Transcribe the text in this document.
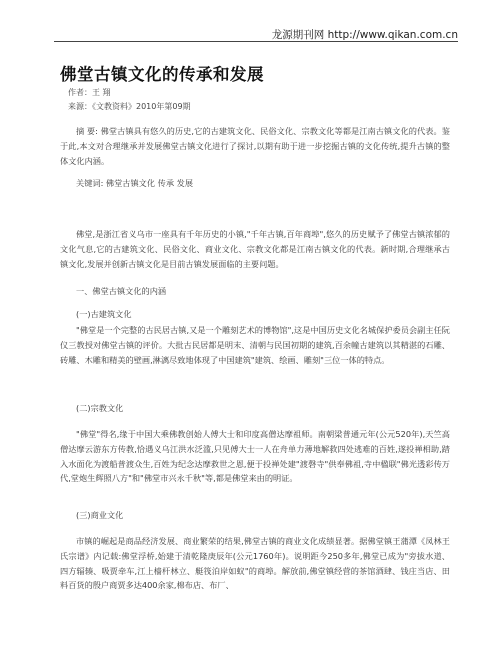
龙源期刊网 http://www.qikan.com.cn
佛堂古镇文化的传承和发展
作者：王 翔
来源：《文教资料》2010年第09期

摘 要: 佛堂古镇具有悠久的历史,它的古建筑文化、民俗文化、宗教文化等都是江南古镇文化的代表。鉴于此,本文对合理继承并发展佛堂古镇文化进行了探讨,以期有助于进一步挖掘古镇的文化传统,提升古镇的整体文化内涵。

关键词: 佛堂古镇文化 传承 发展

佛堂,是浙江省义乌市一座具有千年历史的小镇,"千年古镇,百年商埠",悠久的历史赋予了佛堂古镇浓郁的文化气息,它的古建筑文化、民俗文化、商业文化、宗教文化都是江南古镇文化的代表。新时期,合理继承古镇文化,发展并创新古镇文化是目前古镇发展面临的主要问题。

一、佛堂古镇文化的内涵
(一)古建筑文化

"佛堂是一个完整的古民居古镇,又是一个雕刻艺术的博物馆",这是中国历史文化名城保护委员会副主任阮仪三教授对佛堂古镇的评价。大批古民居都是明末、清朝与民国初期的建筑,百余幢古建筑以其精湛的石雕、砖雕、木雕和精美的壁画,淋漓尽致地体现了中国建筑"建筑、绘画、雕刻"三位一体的特点。

(二)宗教文化

"佛堂"得名,缘于中国大乘佛教创始人傅大士和印度高僧达摩祖师。南朝梁普通元年(公元520年),天竺高僧达摩云游东方传教,恰遇义乌江洪水泛滥,只见傅大士一人在舟单力薄地解救四处逃难的百姓,遂投禅相助,踏入水面化为渡船普渡众生,百姓为纪念达摩救世之恩,便于投禅处建"渡磬寺"供奉佛祖,寺中楹联"佛光透彩传万代,堂炮生辉照八方"和"佛堂市兴永千秋"等,都是佛堂来由的明证。

(三)商业文化

市镇的崛起是商品经济发展、商业繁荣的结果,佛堂古镇的商业文化成绩显著。据佛堂镇王蒲潭《凤林王氏宗谱》内记载:佛堂浮桥,始建于清乾隆庚辰年(公元1760年)。说明距今250多年,佛堂已成为"旁拔水道、四方辐辏、吸贾牵车,江上樯杆林立、艇筏泊岸如蚁"的商埠。解放前,佛堂镇经营的茶馆酒肆、钱庄当店、田料百货的殷户商贾多达400余家,棉布店、布厂、
